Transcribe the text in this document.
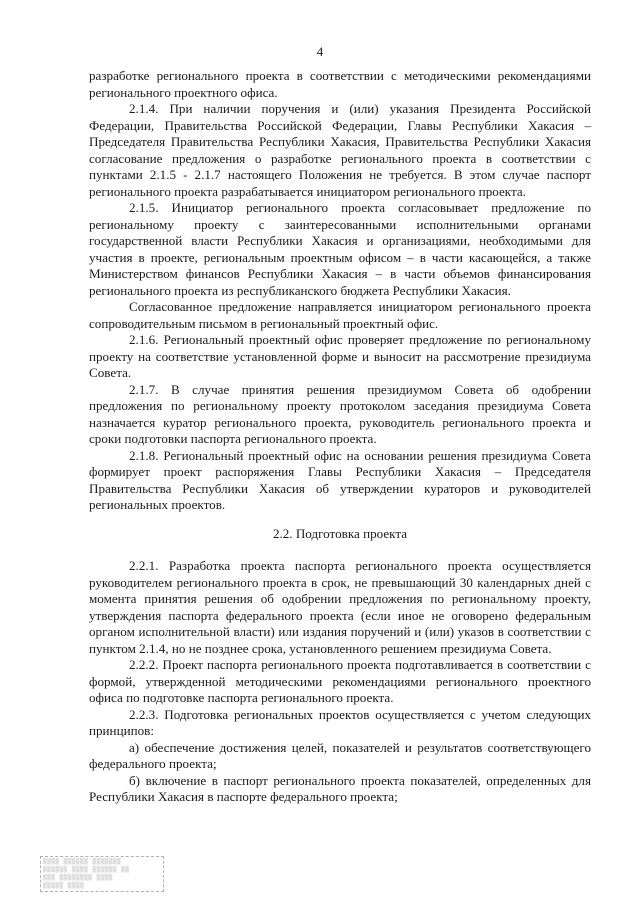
4

разработке регионального проекта в соответствии с методическими рекомендациями регионального проектного офиса.

2.1.4. При наличии поручения и (или) указания Президента Российской Федерации, Правительства Российской Федерации, Главы Республики Хакасия – Председателя Правительства Республики Хакасия, Правительства Республики Хакасия согласование предложения о разработке регионального проекта в соответствии с пунктами 2.1.5 - 2.1.7 настоящего Положения не требуется. В этом случае паспорт регионального проекта разрабатывается инициатором регионального проекта.

2.1.5. Инициатор регионального проекта согласовывает предложение по региональному проекту с заинтересованными исполнительными органами государственной власти Республики Хакасия и организациями, необходимыми для участия в проекте, региональным проектным офисом – в части касающейся, а также Министерством финансов Республики Хакасия – в части объемов финансирования регионального проекта из республиканского бюджета Республики Хакасия.

Согласованное предложение направляется инициатором регионального проекта сопроводительным письмом в региональный проектный офис.

2.1.6. Региональный проектный офис проверяет предложение по региональному проекту на соответствие установленной форме и выносит на рассмотрение президиума Совета.

2.1.7. В случае принятия решения президиумом Совета об одобрении предложения по региональному проекту протоколом заседания президиума Совета назначается куратор регионального проекта, руководитель регионального проекта и сроки подготовки паспорта регионального проекта.

2.1.8. Региональный проектный офис на основании решения президиума Совета формирует проект распоряжения Главы Республики Хакасия – Председателя Правительства Республики Хакасия об утверждении кураторов и руководителей региональных проектов.

2.2. Подготовка проекта

2.2.1. Разработка проекта паспорта регионального проекта осуществляется руководителем регионального проекта в срок, не превышающий 30 календарных дней с момента принятия решения об одобрении предложения по региональному проекту, утверждения паспорта федерального проекта (если иное не оговорено федеральным органом исполнительной власти) или издания поручений и (или) указов в соответствии с пунктом 2.1.4, но не позднее срока, установленного решением президиума Совета.

2.2.2. Проект паспорта регионального проекта подготавливается в соответствии с формой, утвержденной методическими рекомендациями регионального проектного офиса по подготовке паспорта регионального проекта.

2.2.3. Подготовка региональных проектов осуществляется с учетом следующих принципов:

а) обеспечение достижения целей, показателей и результатов соответствующего федерального проекта;

б) включение в паспорт регионального проекта показателей, определенных для Республики Хакасия в паспорте федерального проекта;

▒▒▒▒ ▒▒▒▒▒▒ ▒▒▒▒▒▒▒
▒▒▒▒▒▒ ▒▒▒▒ ▒▒▒▒▒▒ ▒▒
▒▒▒ ▒▒▒▒▒▒▒▒ ▒▒▒▒
▒▒▒▒▒ ▒▒▒▒
